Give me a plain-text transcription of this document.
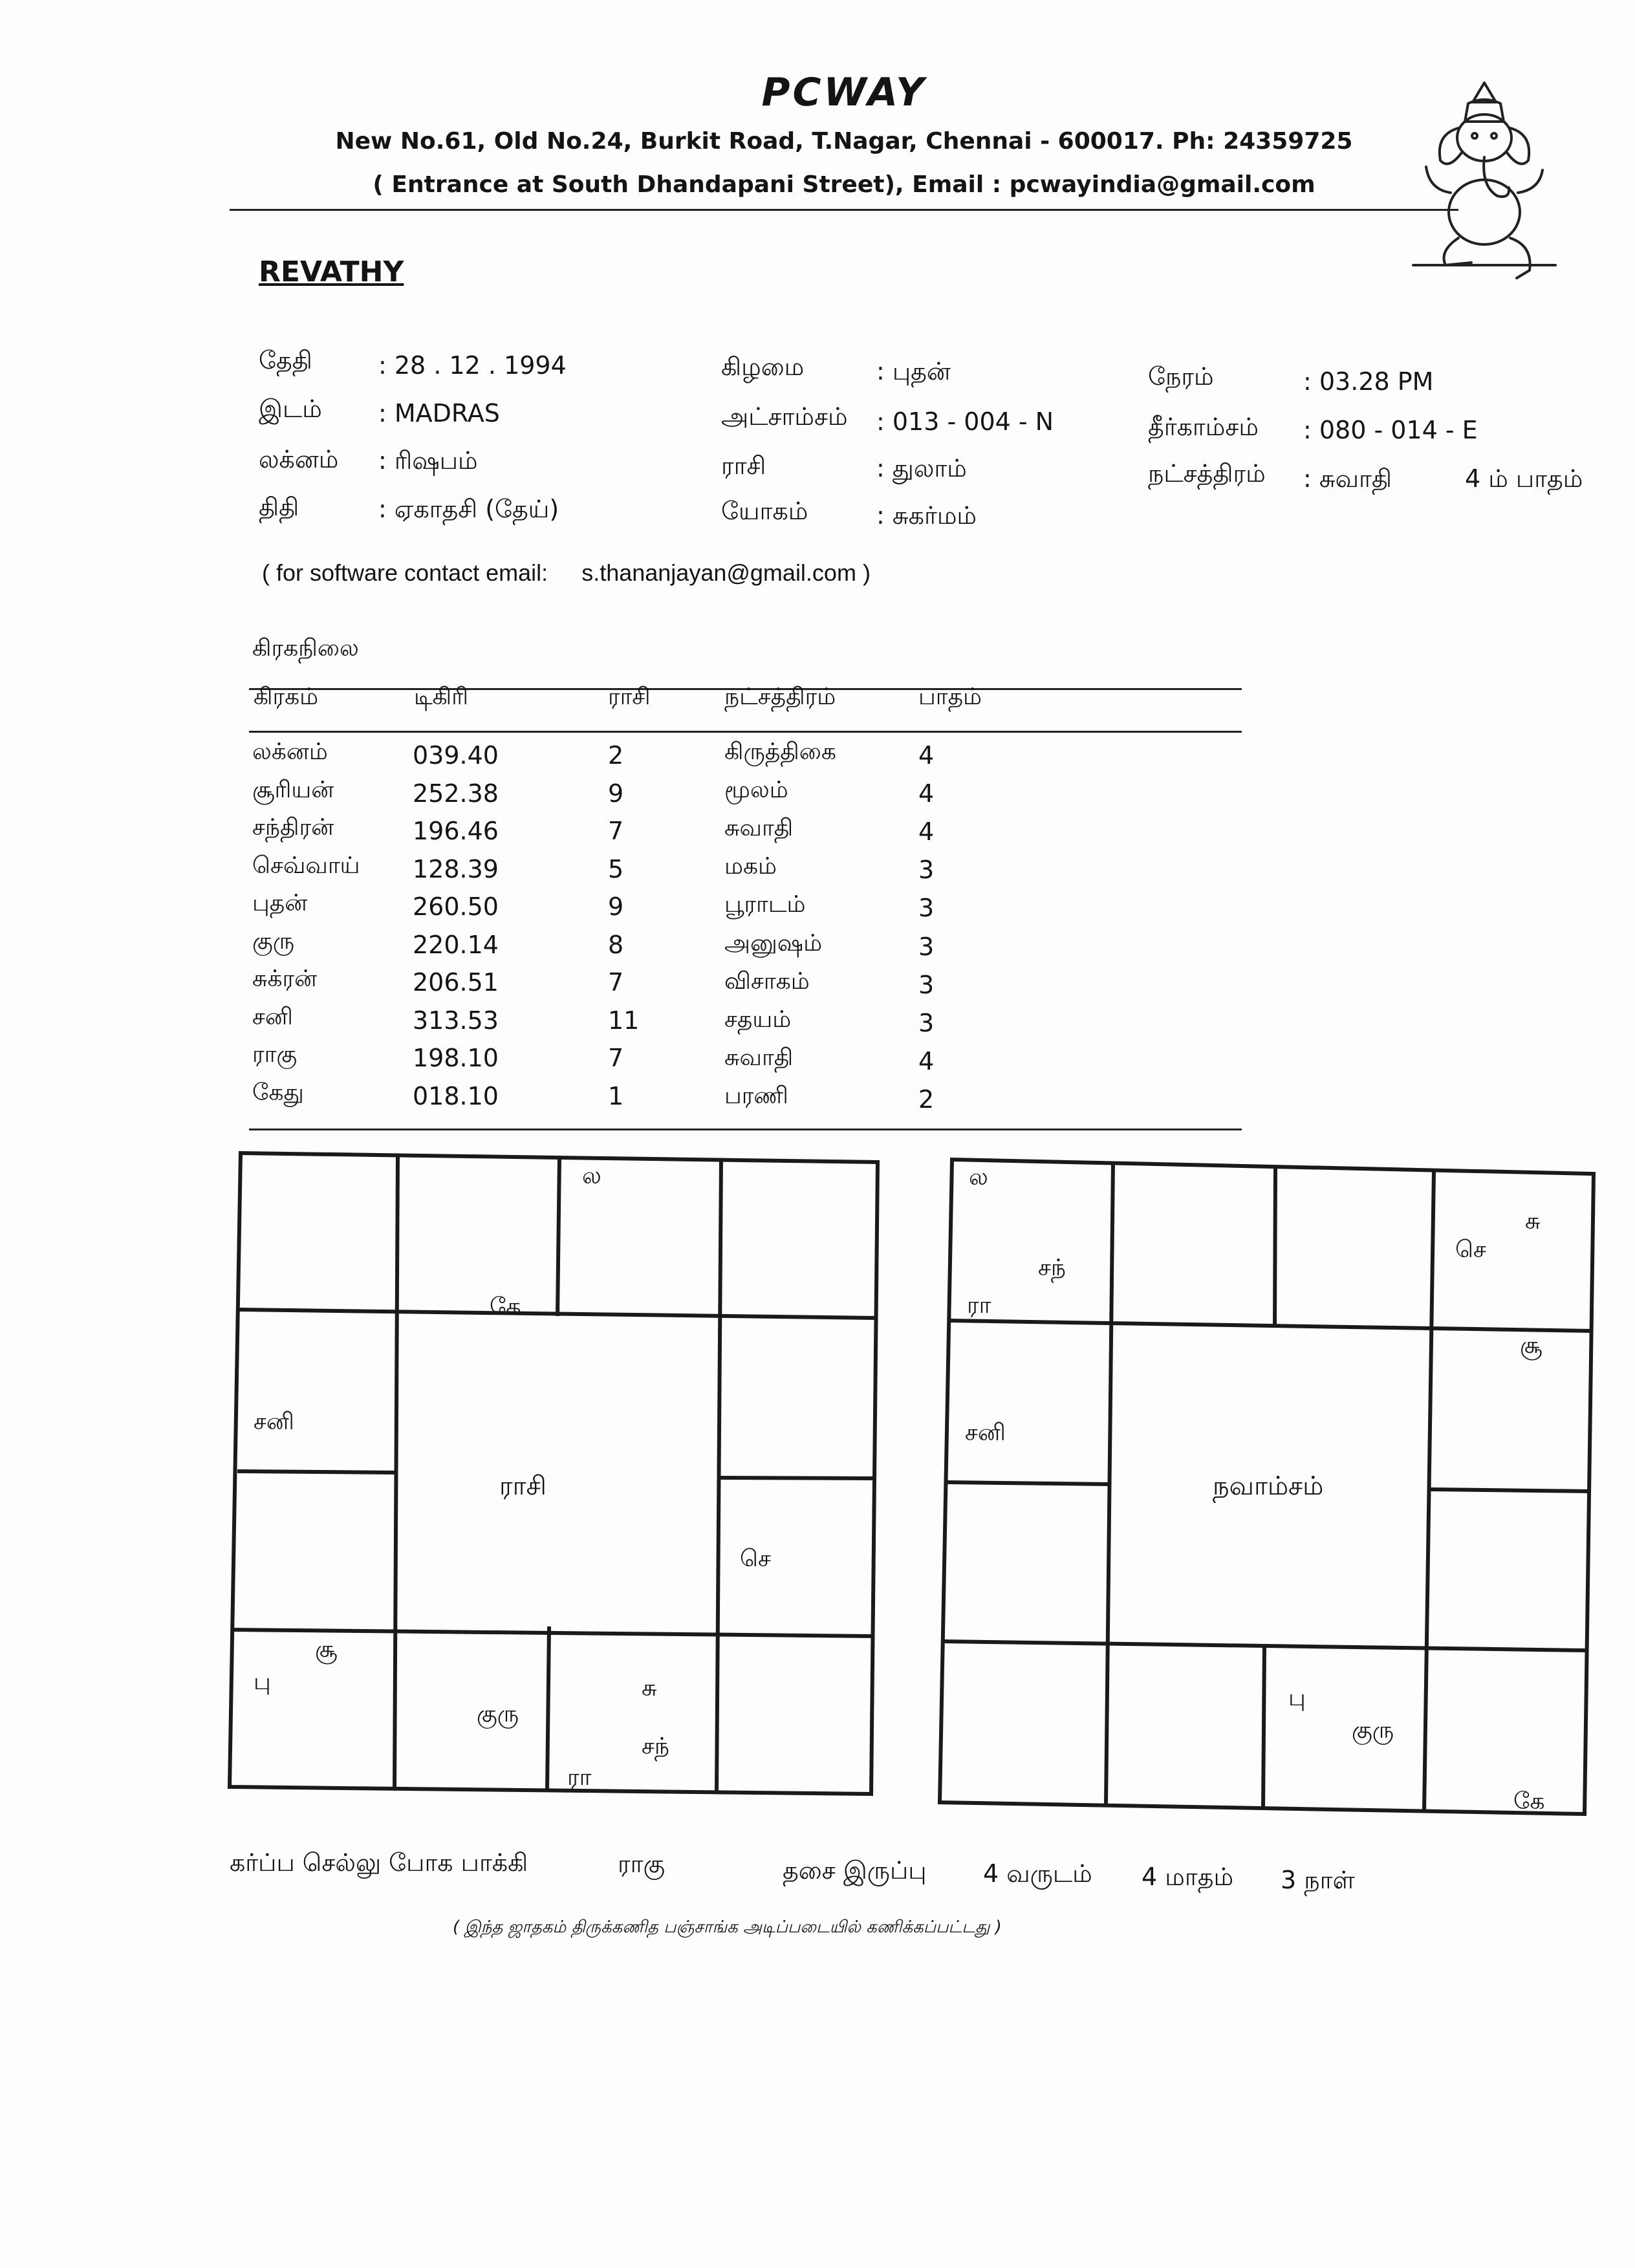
PCWAY
New No.61, Old No.24, Burkit Road, T.Nagar, Chennai - 600017. Ph: 24359725
( Entrance at South Dhandapani Street), Email : pcwayindia@gmail.com
REVATHY
தேதி	: 28 . 12 . 1994
இடம் : MADRAS
லக்னம் : ரிஷபம்
திதி	: ஏகாதசி (தேய்)
கிழமை	: புதன்
அட்சாம்சம் : 013 - 004 - N
ராசி	: துலாம்
யோகம்	: சுகர்மம்
நேரம்	: 03.28 PM
தீர்காம்சம் : 080 - 014 - E
நட்சத்திரம் : சுவாதி	4 ம் பாதம்
( for software contact email: s.thananjayan@gmail.com )
கிரகநிலை
கிரகம்	டிகிரி	ராசி	நட்சத்திரம்	பாதம்
லக்னம்	039.40	2	கிருத்திகை	4
சூரியன்	252.38	9	மூலம்	4
சந்திரன்	196.46	7	சுவாதி	4
செவ்வாய் 128.39	5	மகம்	3
புதன்	260.50	9	பூராடம்	3
குரு	220.14	8	அனுஷம்	3
சுக்ரன்	206.51	7	விசாகம்	3
சனி	313.53	11	சதயம்	3
ராகு	198.10	7	சுவாதி	4
கேது	018.10	1	பரணி	2
கே
ல
சனி
ராசி
செ
சூ
பு
குரு
சு
சந்
ரா
ல
சந்
ரா
சு
செ
சூ
சனி
நவாம்சம்
பு
குரு
கே
கர்ப்ப செல்லு போக பாக்கி	ராகு	தசை இருப்பு 4 வருடம் 4 மாதம் 3 நாள்
( இந்த ஜாதகம் திருக்கணித பஞ்சாங்க அடிப்படையில் கணிக்கப்பட்டது )
